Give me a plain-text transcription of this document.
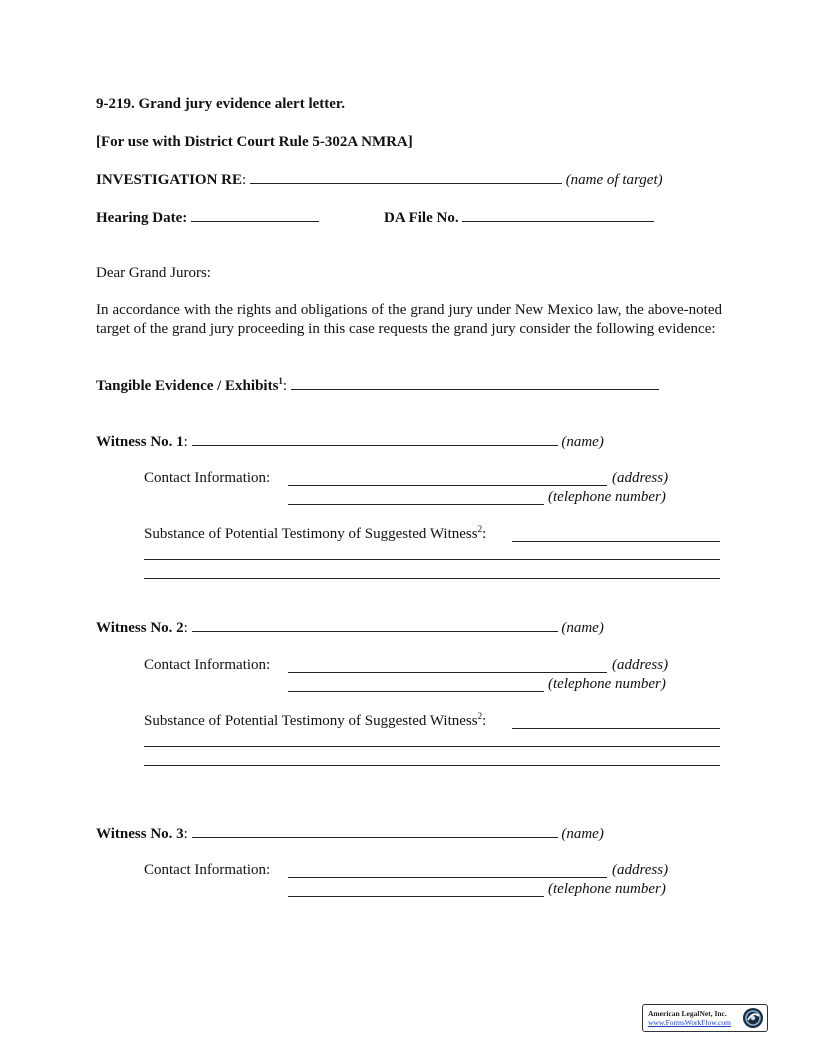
9-219. Grand jury evidence alert letter.
[For use with District Court Rule 5-302A NMRA]
INVESTIGATION RE:	(name of target)
Hearing Date:	DA File No.
Dear Grand Jurors:
In accordance with the rights and obligations of the grand jury under New Mexico law, the above-noted target of the grand jury proceeding in this case requests the grand jury consider the following evidence:
Tangible Evidence / Exhibits$^1$:
Witness No. 1:	(name)
Contact Information:	(address)
(telephone number)
Substance of Potential Testimony of Suggested Witness$^2$:
Witness No. 2:	(name)
Contact Information:	(address)
(telephone number)
Substance of Potential Testimony of Suggested Witness$^2$:
Witness No. 3:	(name)
Contact Information:	(address)
(telephone number)
American LegalNet, Inc.
www.FormsWorkFlow.com
